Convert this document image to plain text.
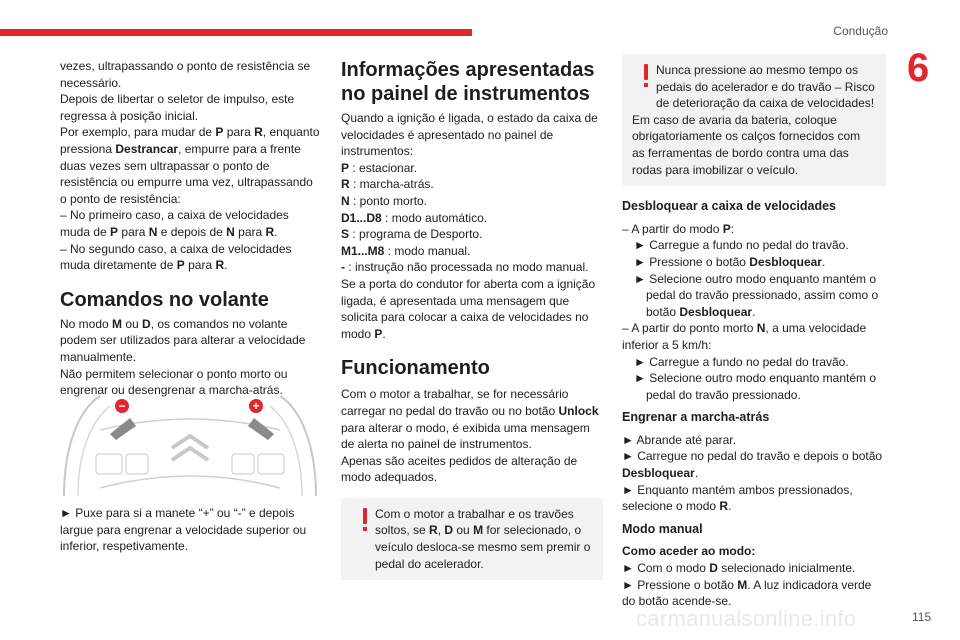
Condução
6

vezes, ultrapassando o ponto de resistência se necessário.

Depois de libertar o seletor de impulso, este regressa à posição inicial.

Por exemplo, para mudar de P para R, enquanto pressiona Destrancar, empurre para a frente duas vezes sem ultrapassar o ponto de resistência ou empurre uma vez, ultrapassando o ponto de resistência:

– No primeiro caso, a caixa de velocidades muda de P para N e depois de N para R.

– No segundo caso, a caixa de velocidades muda diretamente de P para R.

Comandos no volante

No modo M ou D, os comandos no volante podem ser utilizados para alterar a velocidade manualmente.

Não permitem selecionar o ponto morto ou engrenar ou desengrenar a marcha-atrás.

−	+

► Puxe para si a manete “+” ou “-” e depois largue para engrenar a velocidade superior ou inferior, respetivamente.

Informações apresentadas no painel de instrumentos

Quando a ignição é ligada, o estado da caixa de velocidades é apresentado no painel de instrumentos:

P : estacionar.

R : marcha-atrás.

N : ponto morto.

D1...D8 : modo automático.

S : programa de Desporto.

M1...M8 : modo manual.

- : instrução não processada no modo manual.

Se a porta do condutor for aberta com a ignição ligada, é apresentada uma mensagem que solicita para colocar a caixa de velocidades no modo P.

Funcionamento

Com o motor a trabalhar, se for necessário carregar no pedal do travão ou no botão Unlock para alterar o modo, é exibida uma mensagem de alerta no painel de instrumentos.

Apenas são aceites pedidos de alteração de modo adequados.

Com o motor a trabalhar e os travões soltos, se R, D ou M for selecionado, o veículo desloca-se mesmo sem premir o pedal do acelerador.

Nunca pressione ao mesmo tempo os pedais do acelerador e do travão – Risco de deterioração da caixa de velocidades!

Em caso de avaria da bateria, coloque obrigatoriamente os calços fornecidos com as ferramentas de bordo contra uma das rodas para imobilizar o veículo.

Desbloquear a caixa de velocidades

– A partir do modo P:

► Carregue a fundo no pedal do travão.

► Pressione o botão Desbloquear.

► Selecione outro modo enquanto mantém o pedal do travão pressionado, assim como o botão Desbloquear.

– A partir do ponto morto N, a uma velocidade inferior a 5 km/h:

► Carregue a fundo no pedal do travão.

► Selecione outro modo enquanto mantém o pedal do travão pressionado.

Engrenar a marcha-atrás

► Abrande até parar.

► Carregue no pedal do travão e depois o botão Desbloquear.

► Enquanto mantém ambos pressionados, selecione o modo R.

Modo manual
Como aceder ao modo:

► Com o modo D selecionado inicialmente.

► Pressione o botão M. A luz indicadora verde do botão acende-se.

carmanualsonline.info	115
